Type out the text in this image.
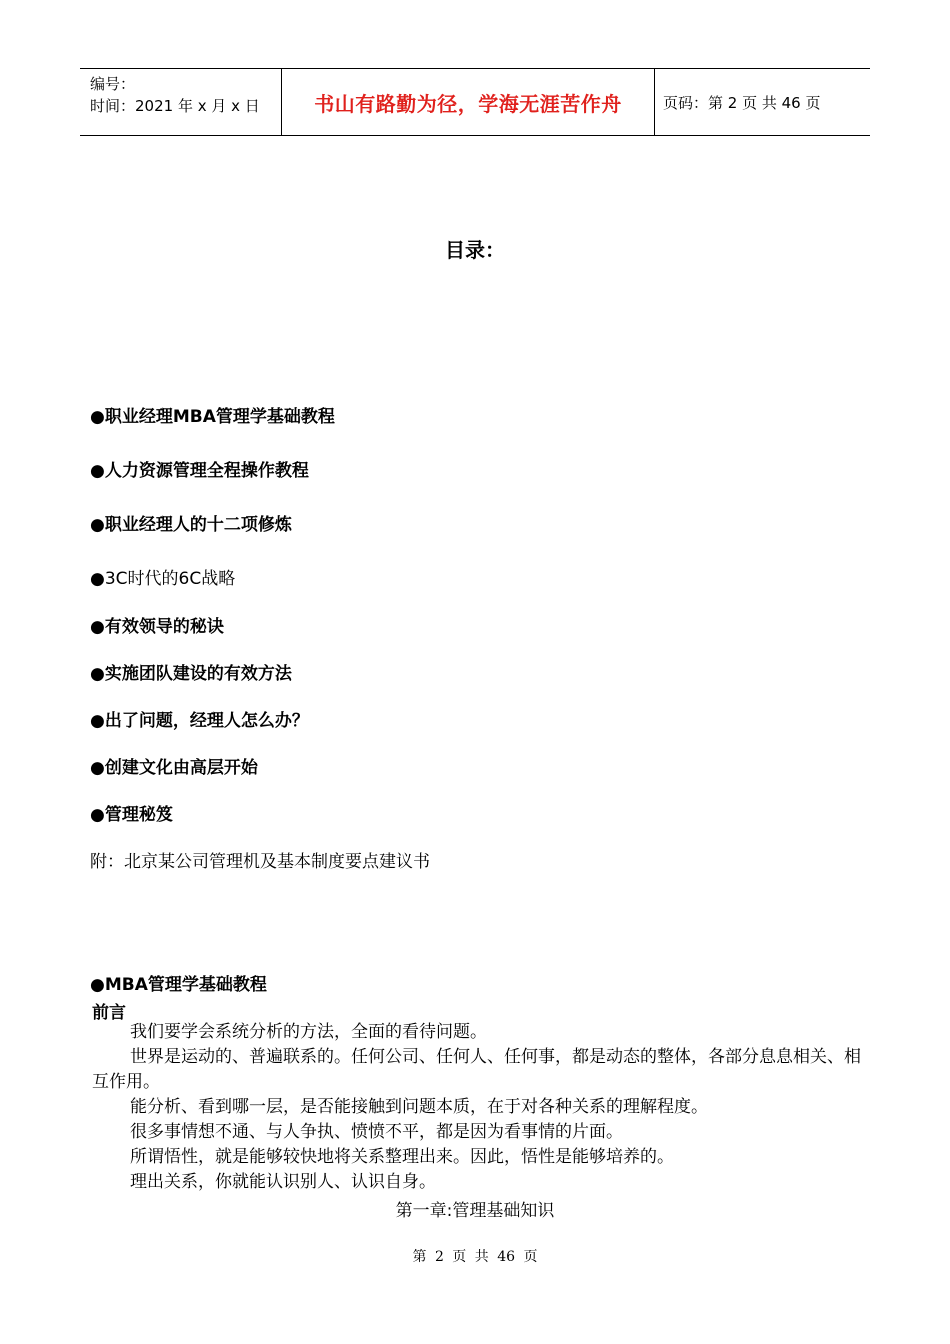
编号：
时间：2021 年 x 月 x 日	书山有路勤为径，学海无涯苦作舟	页码：第 2 页 共 46 页
目录：
●职业经理MBA管理学基础教程
●人力资源管理全程操作教程
●职业经理人的十二项修炼
●3C时代的6C战略
●有效领导的秘诀
●实施团队建设的有效方法
●出了问题，经理人怎么办？
●创建文化由高层开始
●管理秘笈
附：北京某公司管理机及基本制度要点建议书
●MBA管理学基础教程
前言
我们要学会系统分析的方法，全面的看待问题。
世界是运动的、普遍联系的。任何公司、任何人、任何事，都是动态的整体，各部分息息相关、相互作用。
能分析、看到哪一层，是否能接触到问题本质，在于对各种关系的理解程度。
很多事情想不通、与人争执、愤愤不平，都是因为看事情的片面。
所谓悟性，就是能够较快地将关系整理出来。因此，悟性是能够培养的。
理出关系，你就能认识别人、认识自身。
第一章:管理基础知识
第 2 页 共 46 页
